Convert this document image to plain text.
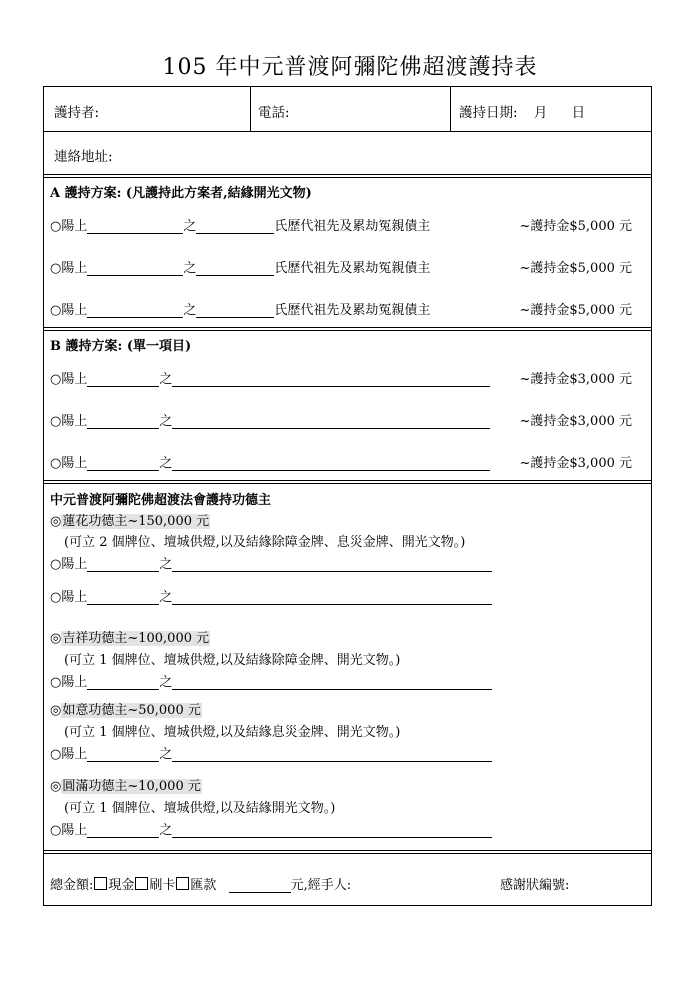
105 年中元普渡阿彌陀佛超渡護持表
護持者:	電話:	護持日期: 月 日
連絡地址:
A 護持方案: (凡護持此方案者,結緣開光文物)
○陽上	之	氏歷代祖先及累劫冤親債主	~護持金$5,000 元
○陽上	之	氏歷代祖先及累劫冤親債主	~護持金$5,000 元
○陽上	之	氏歷代祖先及累劫冤親債主	~護持金$5,000 元
B 護持方案: (單一項目)
○陽上	之	~護持金$3,000 元
○陽上	之	~護持金$3,000 元
○陽上	之	~護持金$3,000 元
中元普渡阿彌陀佛超渡法會護持功德主
◎蓮花功德主~150,000 元
(可立 2 個牌位、壇城供燈,以及結緣除障金牌、息災金牌、開光文物。)
○陽上	之
○陽上	之
◎吉祥功德主~100,000 元
(可立 1 個牌位、壇城供燈,以及結緣除障金牌、開光文物。)
○陽上	之
◎如意功德主~50,000 元
(可立 1 個牌位、壇城供燈,以及結緣息災金牌、開光文物。)
○陽上	之
◎圓滿功德主~10,000 元
(可立 1 個牌位、壇城供燈,以及結緣開光文物。)
○陽上	之
總金額: 現金 刷卡 匯款	元,經手人:	感謝狀編號:
